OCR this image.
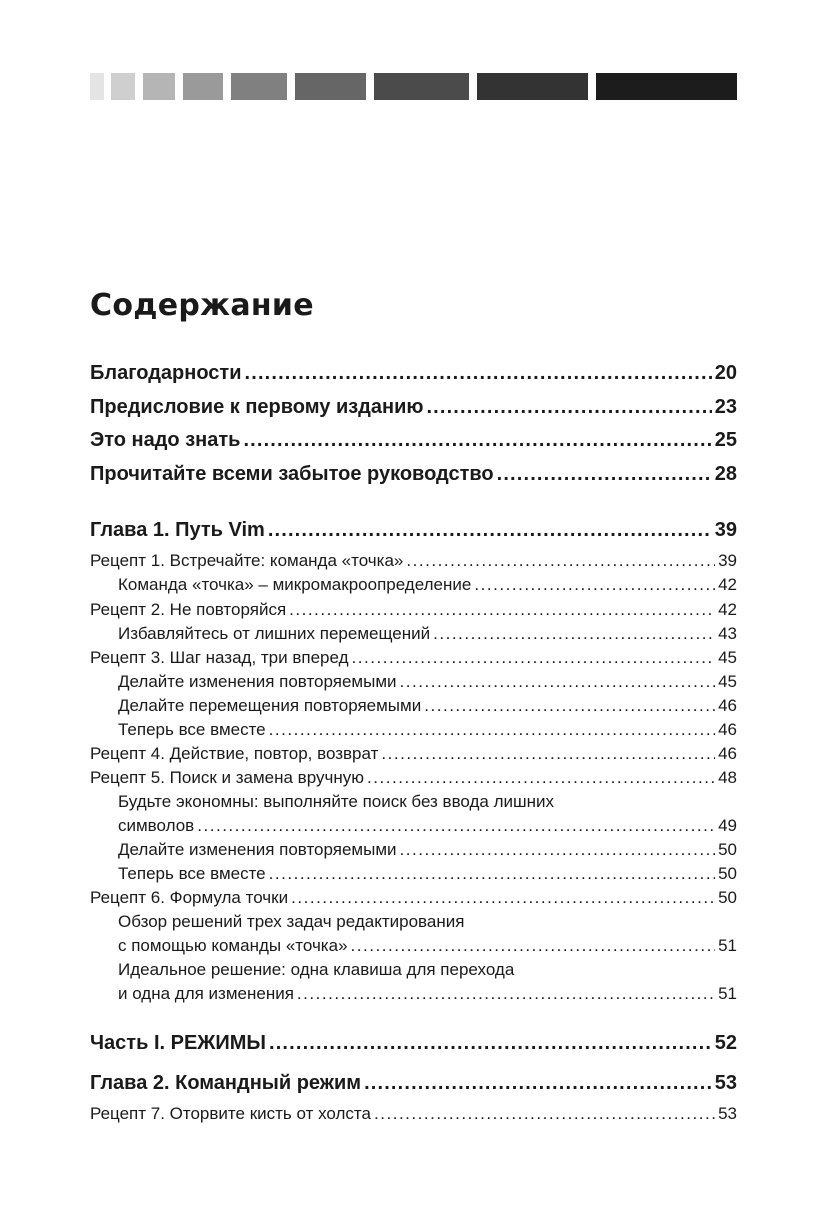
Содержание
Благодарности . . .	20
Предисловие к первому изданию . . .	23
Это надо знать . . .	25
Прочитайте всеми забытое руководство . . .	28
Глава 1. Путь Vim . . .	39
Рецепт 1. Встречайте: команда «точка» . . .	39
Команда «точка» – микромакроопределение . . .	42
Рецепт 2. Не повторяйся . . .	42
Избавляйтесь от лишних перемещений . . .	43
Рецепт 3. Шаг назад, три вперед . . .	45
Делайте изменения повторяемыми . . .	45
Делайте перемещения повторяемыми . . .	46
Теперь все вместе . . .	46
Рецепт 4. Действие, повтор, возврат . . .	46
Рецепт 5. Поиск и замена вручную . . .	48
Будьте экономны: выполняйте поиск без ввода лишних
символов . . .	49
Делайте изменения повторяемыми . . .	50
Теперь все вместе . . .	50
Рецепт 6. Формула точки . . .	50
Обзор решений трех задач редактирования
с помощью команды «точка» . . .	51
Идеальное решение: одна клавиша для перехода
и одна для изменения . . .	51
Часть I. РЕЖИМЫ . . .	52
Глава 2. Командный режим . . .	53
Рецепт 7. Оторвите кисть от холста . . .	53
